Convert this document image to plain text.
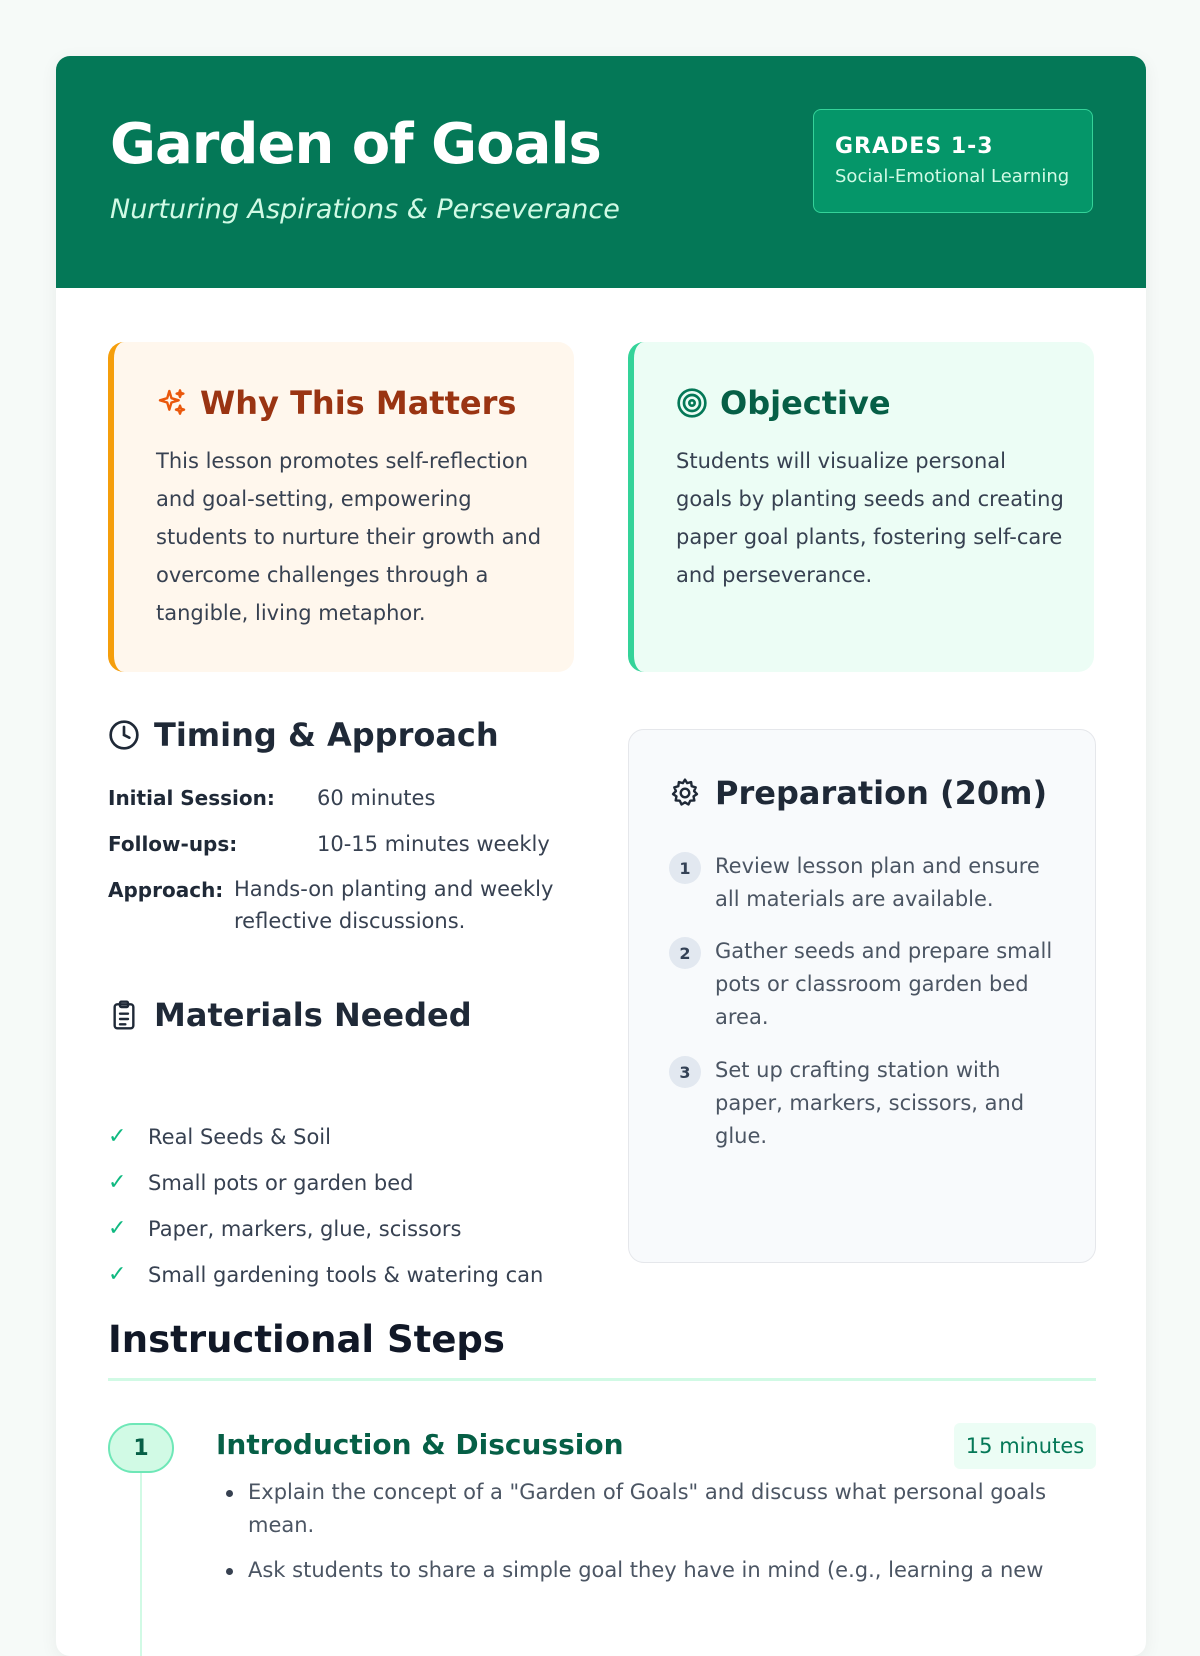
Garden of Goals
Nurturing Aspirations & Perseverance
GRADES 1-3
Social-Emotional Learning
Why This Matters
This lesson promotes self-reflection and goal-setting, empowering students to nurture their growth and overcome challenges through a tangible, living metaphor.
Objective
Students will visualize personal goals by planting seeds and creating paper goal plants, fostering self-care and perseverance.
Timing & Approach
Initial Session: 60 minutes
Follow-ups:	10-15 minutes weekly
Approach: Hands-on planting and weekly reflective discussions.
Materials Needed
✓	Real Seeds & Soil
✓	Small pots or garden bed
✓	Paper, markers, glue, scissors
✓	Small gardening tools & watering can
Preparation (20m)
1	Review lesson plan and ensure all materials are available.
2	Gather seeds and prepare small pots or classroom garden bed area.
3	Set up crafting station with paper, markers, scissors, and glue.
Instructional Steps
1	Introduction & Discussion	15 minutes
Explain the concept of a "Garden of Goals" and discuss what personal goals mean.
Ask students to share a simple goal they have in mind (e.g., learning a new
